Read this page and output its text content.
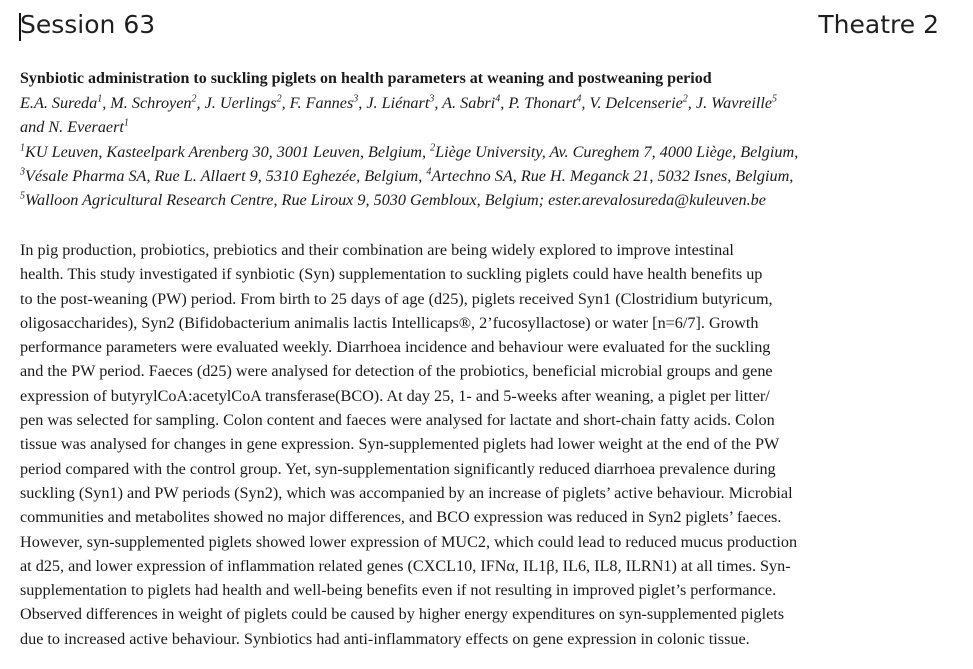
Session 63	Theatre 2
Synbiotic administration to suckling piglets on health parameters at weaning and postweaning period
E.A. Sureda$^1$, M. Schroyen$^2$, J. Uerlings$^2$, F. Fannes$^3$, J. Liénart$^3$, A. Sabri$^4$, P. Thonart$^4$, V. Delcenserie$^2$, J. Wavreille$^5$
and N. Everaert$^1$
$^1$KU Leuven, Kasteelpark Arenberg 30, 3001 Leuven, Belgium, $^2$Liège University, Av. Cureghem 7, 4000 Liège, Belgium,
$^3$Vésale Pharma SA, Rue L. Allaert 9, 5310 Eghezée, Belgium, $^4$Artechno SA, Rue H. Meganck 21, 5032 Isnes, Belgium,
$^5$Walloon Agricultural Research Centre, Rue Liroux 9, 5030 Gembloux, Belgium; ester.arevalosureda@kuleuven.be
In pig production, probiotics, prebiotics and their combination are being widely explored to improve intestinal
health. This study investigated if synbiotic (Syn) supplementation to suckling piglets could have health benefits up
to the post-weaning (PW) period. From birth to 25 days of age (d25), piglets received Syn1 (Clostridium butyricum,
oligosaccharides), Syn2 (Bifidobacterium animalis lactis Intellicaps®, 2’fucosyllactose) or water [n=6/7]. Growth
performance parameters were evaluated weekly. Diarrhoea incidence and behaviour were evaluated for the suckling
and the PW period. Faeces (d25) were analysed for detection of the probiotics, beneficial microbial groups and gene
expression of butyrylCoA:acetylCoA transferase(BCO). At day 25, 1- and 5-weeks after weaning, a piglet per litter/
pen was selected for sampling. Colon content and faeces were analysed for lactate and short-chain fatty acids. Colon
tissue was analysed for changes in gene expression. Syn-supplemented piglets had lower weight at the end of the PW
period compared with the control group. Yet, syn-supplementation significantly reduced diarrhoea prevalence during
suckling (Syn1) and PW periods (Syn2), which was accompanied by an increase of piglets’ active behaviour. Microbial
communities and metabolites showed no major differences, and BCO expression was reduced in Syn2 piglets’ faeces.
However, syn-supplemented piglets showed lower expression of MUC2, which could lead to reduced mucus production
at d25, and lower expression of inflammation related genes (CXCL10, IFNα, IL1β, IL6, IL8, ILRN1) at all times. Syn-
supplementation to piglets had health and well-being benefits even if not resulting in improved piglet’s performance.
Observed differences in weight of piglets could be caused by higher energy expenditures on syn-supplemented piglets
due to increased active behaviour. Synbiotics had anti-inflammatory effects on gene expression in colonic tissue.
